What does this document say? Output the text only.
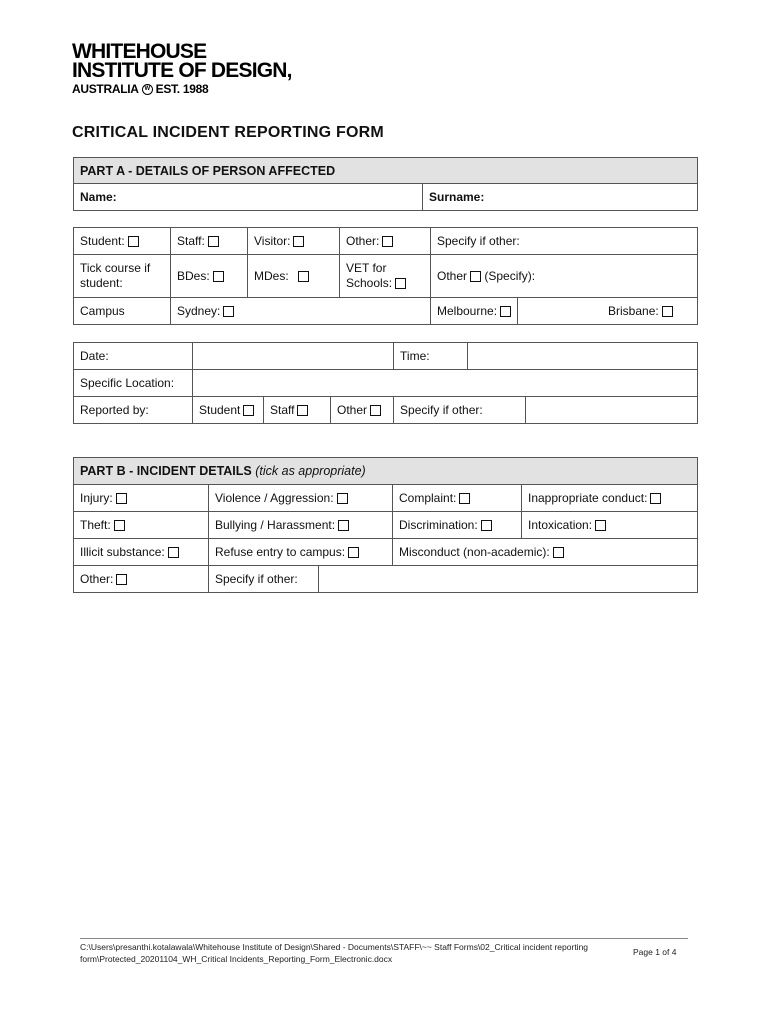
WHITEHOUSE
INSTITUTE OF DESIGN,
AUSTRALIA W EST. 1988
CRITICAL INCIDENT REPORTING FORM
PART A - DETAILS OF PERSON AFFECTED
Name:	Surname:
Student:	Staff:	Visitor:	Other:	Specify if other:	
Tick course if student:	BDes:	MDes:	VET for Schools:	Other (Specify):	
Campus	Sydney:			Melbourne:	Brisbane:
Date:				Time:		
Specific Location:						
Reported by:	Student	Staff	Other	Specify if other:		
PART B - INCIDENT DETAILS (tick as appropriate)				
Injury:	Violence / Aggression:		Complaint:	Inappropriate conduct:
Theft:	Bullying / Harassment:		Discrimination:	Intoxication:
Illicit substance:	Refuse entry to campus:		Misconduct (non-academic):	
Other:	Specify if other:			
C:\Users\presanthi.kotalawala\Whitehouse Institute of Design\Shared - Documents\STAFF\~~ Staff Forms\02_Critical incident reporting form\Protected_20201104_WH_Critical Incidents_Reporting_Form_Electronic.docx
Page 1 of 4
